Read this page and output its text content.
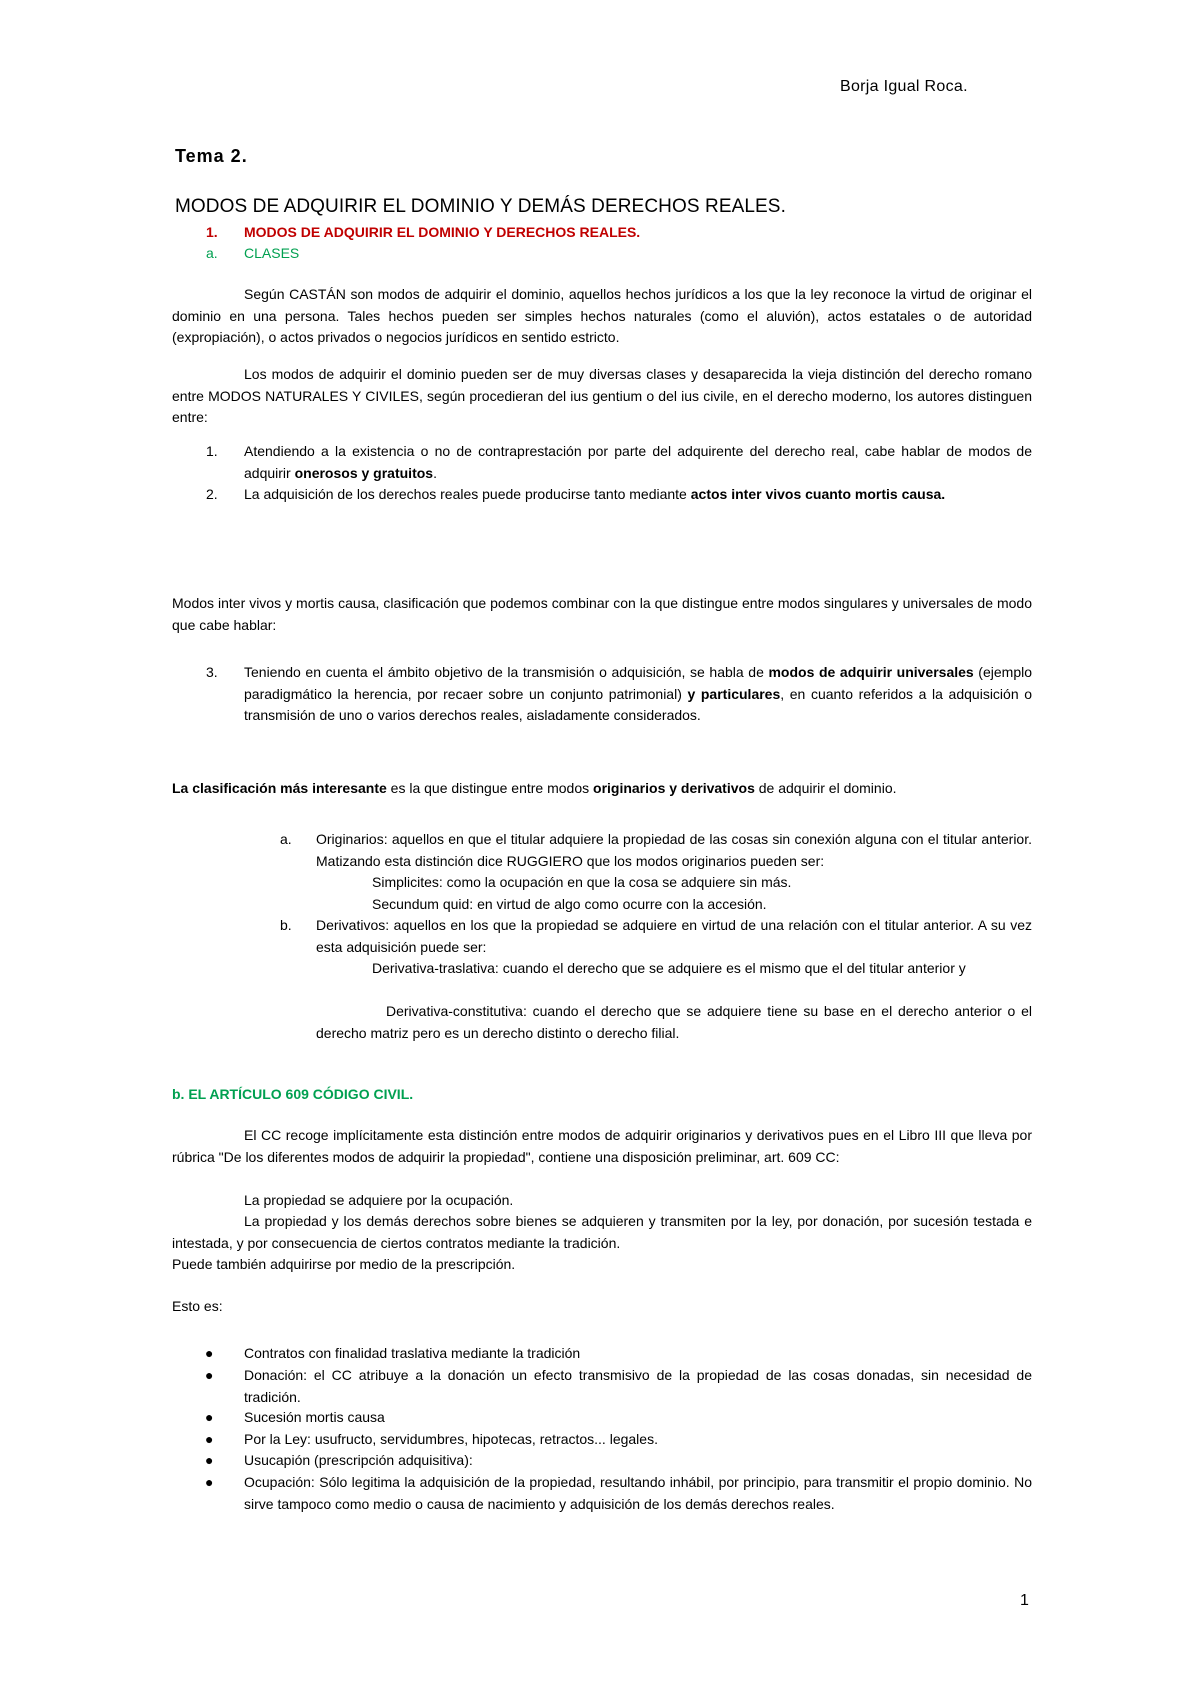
Borja Igual Roca.
Tema 2.
MODOS DE ADQUIRIR EL DOMINIO Y DEMÁS DERECHOS REALES.
1. MODOS DE ADQUIRIR EL DOMINIO Y DERECHOS REALES.
a. CLASES
Según CASTÁN son modos de adquirir el dominio, aquellos hechos jurídicos a los que la ley reconoce la virtud de originar el dominio en una persona. Tales hechos pueden ser simples hechos naturales (como el aluvión), actos estatales o de autoridad (expropiación), o actos privados o negocios jurídicos en sentido estricto.
Los modos de adquirir el dominio pueden ser de muy diversas clases y desaparecida la vieja distinción del derecho romano entre MODOS NATURALES Y CIVILES, según procedieran del ius gentium o del ius civile, en el derecho moderno, los autores distinguen entre:
1. Atendiendo a la existencia o no de contraprestación por parte del adquirente del derecho real, cabe hablar de modos de adquirir onerosos y gratuitos.
2. La adquisición de los derechos reales puede producirse tanto mediante actos inter vivos cuanto mortis causa.
Modos inter vivos y mortis causa, clasificación que podemos combinar con la que distingue entre modos singulares y universales de modo que cabe hablar:
3. Teniendo en cuenta el ámbito objetivo de la transmisión o adquisición, se habla de modos de adquirir universales (ejemplo paradigmático la herencia, por recaer sobre un conjunto patrimonial) y particulares, en cuanto referidos a la adquisición o transmisión de uno o varios derechos reales, aisladamente considerados.
La clasificación más interesante es la que distingue entre modos originarios y derivativos de adquirir el dominio.
a. Originarios: aquellos en que el titular adquiere la propiedad de las cosas sin conexión alguna con el titular anterior. Matizando esta distinción dice RUGGIERO que los modos originarios pueden ser:
Simplicites: como la ocupación en que la cosa se adquiere sin más.
Secundum quid: en virtud de algo como ocurre con la accesión.
b. Derivativos: aquellos en los que la propiedad se adquiere en virtud de una relación con el titular anterior. A su vez esta adquisición puede ser:
Derivativa-traslativa: cuando el derecho que se adquiere es el mismo que el del titular anterior y
Derivativa-constitutiva: cuando el derecho que se adquiere tiene su base en el derecho anterior o el derecho matriz pero es un derecho distinto o derecho filial.
b. EL ARTÍCULO 609 CÓDIGO CIVIL.
El CC recoge implícitamente esta distinción entre modos de adquirir originarios y derivativos pues en el Libro III que lleva por rúbrica "De los diferentes modos de adquirir la propiedad", contiene una disposición preliminar, art. 609 CC:
La propiedad se adquiere por la ocupación.
La propiedad y los demás derechos sobre bienes se adquieren y transmiten por la ley, por donación, por sucesión testada e intestada, y por consecuencia de ciertos contratos mediante la tradición.
Puede también adquirirse por medio de la prescripción.
Esto es:
● Contratos con finalidad traslativa mediante la tradición
● Donación: el CC atribuye a la donación un efecto transmisivo de la propiedad de las cosas donadas, sin necesidad de tradición.
● Sucesión mortis causa
● Por la Ley: usufructo, servidumbres, hipotecas, retractos... legales.
● Usucapión (prescripción adquisitiva):
● Ocupación: Sólo legitima la adquisición de la propiedad, resultando inhábil, por principio, para transmitir el propio dominio. No sirve tampoco como medio o causa de nacimiento y adquisición de los demás derechos reales.
1
